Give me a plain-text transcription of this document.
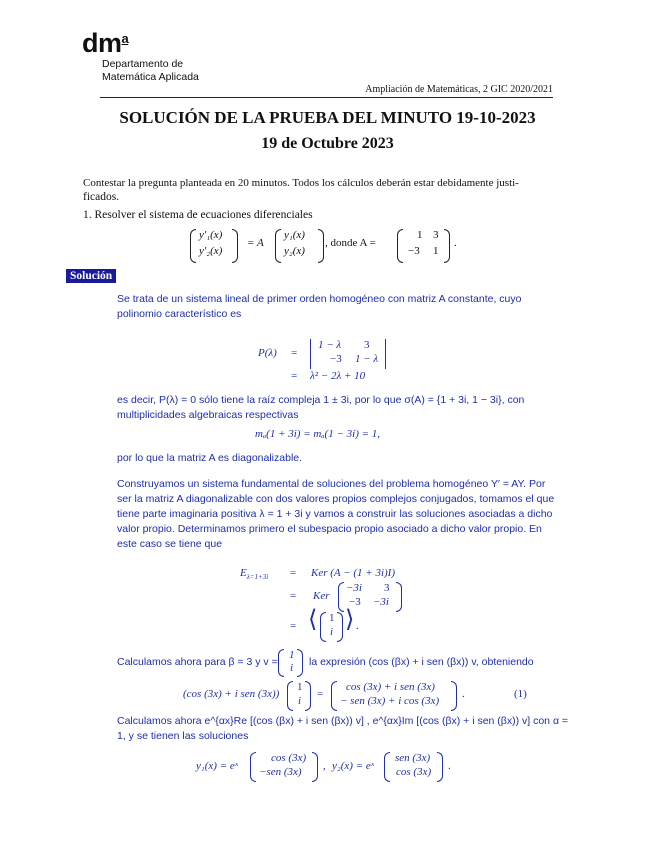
$dm^a$
Departamento de
Matemática Aplicada
Ampliación de Matemáticas, 2 GIC 2020/2021
SOLUCIÓN DE LA PRUEBA DEL MINUTO 19-10-2023
19 de Octubre 2023
Contestar la pregunta planteada en 20 minutos. Todos los cálculos deberán estar debidamente justi-
ficados.
1. Resolver el sistema de ecuaciones diferenciales
y′₁(x)
y′₂(x)
= A
y₁(x)
y₂(x)
, donde A =
1 3
−3 1
.
Solución
Se trata de un sistema lineal de primer orden homogéneo con matriz A constante, cuyo
polinomio característico es
P(λ) =
1 − λ 3
−3 1 − λ
= λ² − 2λ + 10
es decir, P(λ) = 0 sólo tiene la raíz compleja 1 ± 3i, por lo que σ(A) = {1 + 3i, 1 − 3i}, con
multiplicidades algebraicas respectivas
mₐ(1 + 3i) = mₐ(1 − 3i) = 1,
por lo que la matriz A es diagonalizable.
Construyamos un sistema fundamental de soluciones del problema homogéneo Y′ = AY. Por
ser la matriz A diagonalizable con dos valores propios complejos conjugados, tomamos el que
tiene parte imaginaria positiva λ = 1 + 3i y vamos a construir las soluciones asociadas a dicho
valor propio. Determinamos primero el subespacio propio asociado a dicho valor propio. En
este caso se tiene que
$E_{\lambda=1+3i}$ = Ker (A − (1 + 3i)I)
= Ker
−3i 3
−3 −3i
= ⟨ 1
i ⟩ .
Calculamos ahora para β = 3 y v =
1
i la expresión (cos (βx) + i sen (βx)) v, obteniendo
(cos (3x) + i sen (3x))
1
i
=
cos (3x) + i sen (3x)
− sen (3x) + i cos (3x)
.	(1)
Calculamos ahora e^{αx}Re [(cos (βx) + i sen (βx)) v] , e^{αx}Im [(cos (βx) + i sen (βx)) v] con α =
1, y se tienen las soluciones
y₁(x) = eˣ
cos (3x)
−sen (3x) , y₂(x) = eˣ
sen (3x)
cos (3x) .
